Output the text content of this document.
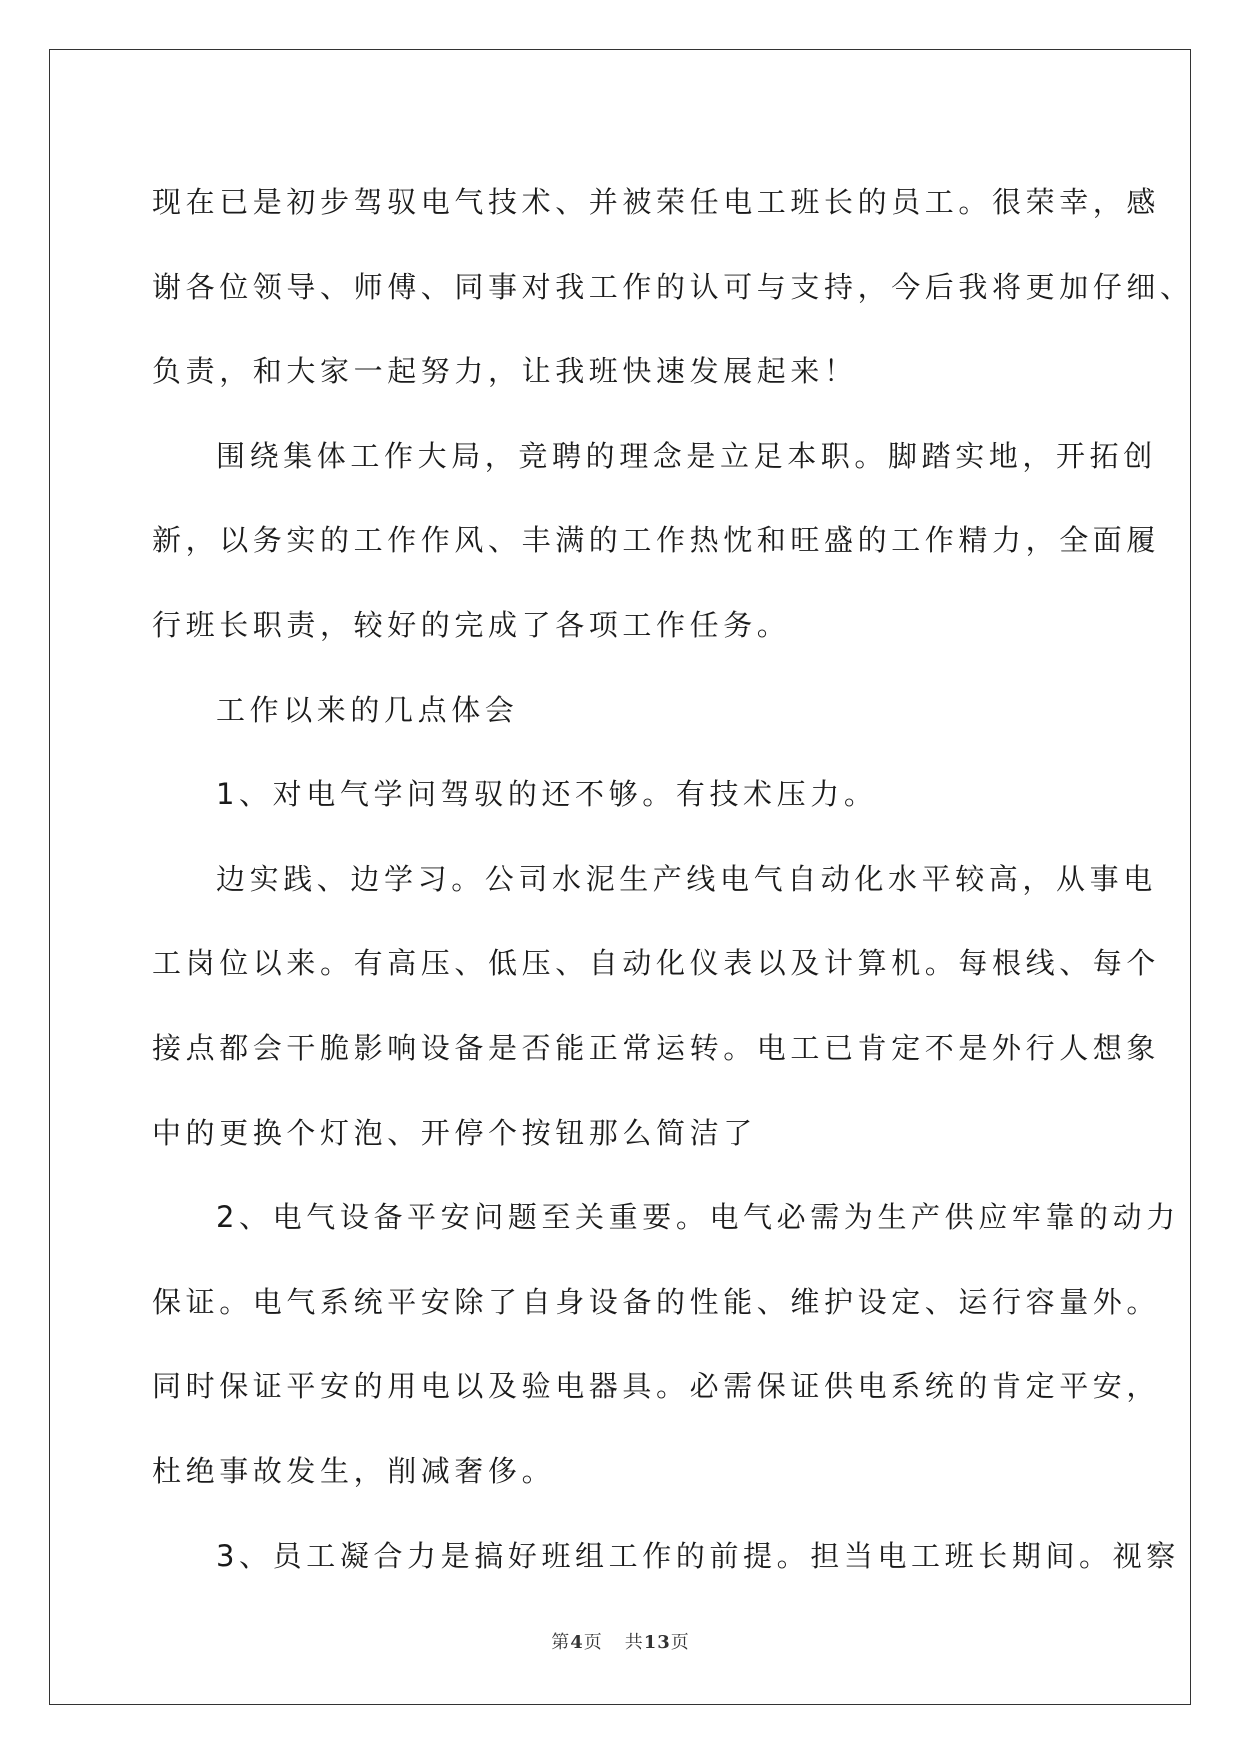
现在已是初步驾驭电气技术、并被荣任电工班长的员工。很荣幸，感

谢各位领导、师傅、同事对我工作的认可与支持，今后我将更加仔细、

负责，和大家一起努力，让我班快速发展起来！

围绕集体工作大局，竞聘的理念是立足本职。脚踏实地，开拓创

新，以务实的工作作风、丰满的工作热忱和旺盛的工作精力，全面履

行班长职责，较好的完成了各项工作任务。

工作以来的几点体会

1、对电气学问驾驭的还不够。有技术压力。

边实践、边学习。公司水泥生产线电气自动化水平较高，从事电

工岗位以来。有高压、低压、自动化仪表以及计算机。每根线、每个

接点都会干脆影响设备是否能正常运转。电工已肯定不是外行人想象

中的更换个灯泡、开停个按钮那么简洁了

2、电气设备平安问题至关重要。电气必需为生产供应牢靠的动力

保证。电气系统平安除了自身设备的性能、维护设定、运行容量外。

同时保证平安的用电以及验电器具。必需保证供电系统的肯定平安，

杜绝事故发生，削减奢侈。

3、员工凝合力是搞好班组工作的前提。担当电工班长期间。视察

第4页 共13页
